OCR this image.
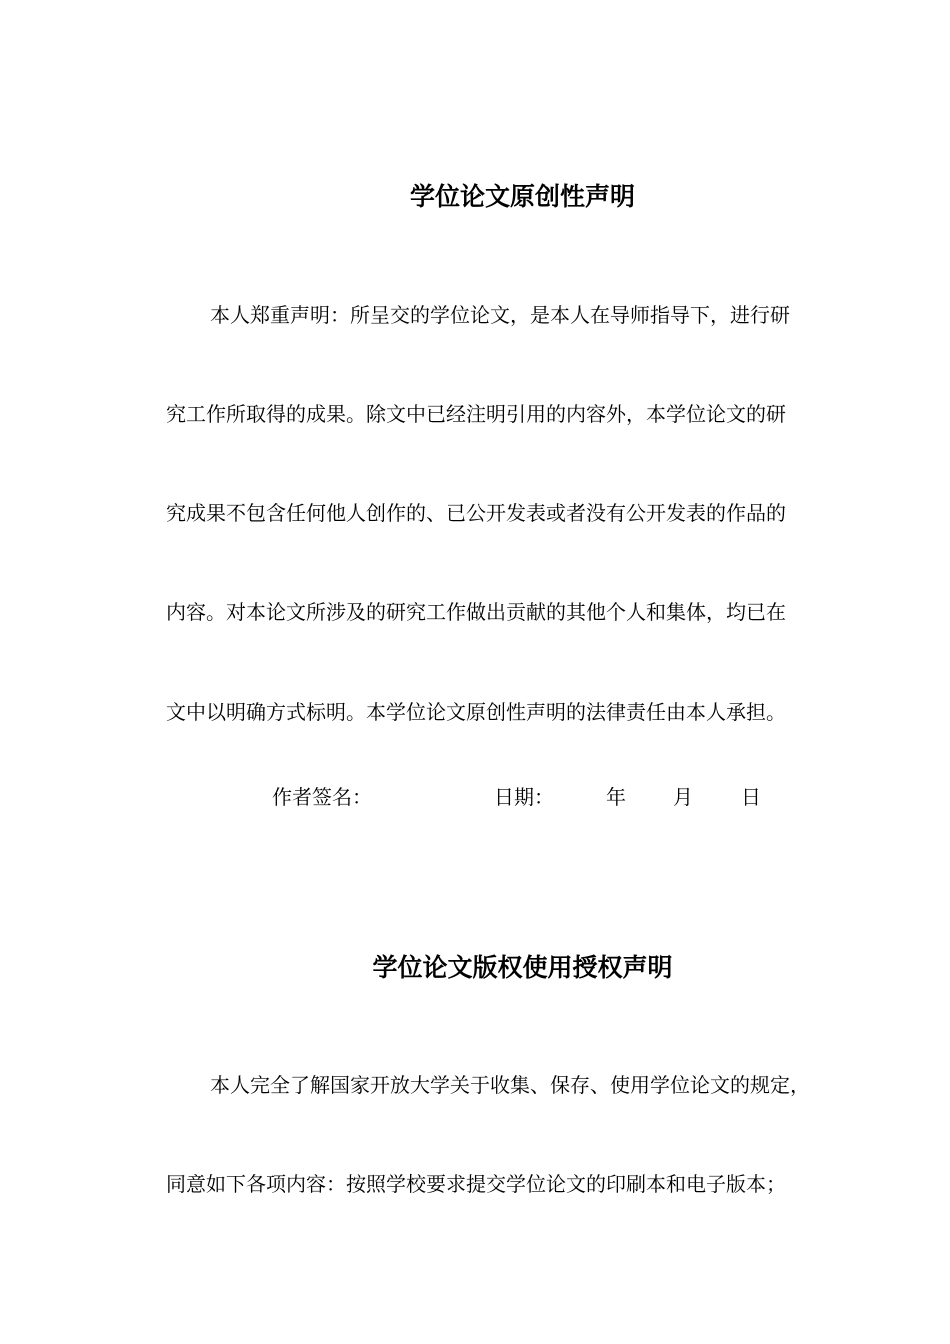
学位论文原创性声明
本人郑重声明：所呈交的学位论文，是本人在导师指导下，进行研
究工作所取得的成果。除文中已经注明引用的内容外，本学位论文的研
究成果不包含任何他人创作的、已公开发表或者没有公开发表的作品的
内容。对本论文所涉及的研究工作做出贡献的其他个人和集体，均已在
文中以明确方式标明。本学位论文原创性声明的法律责任由本人承担。
作者签名：	日期：	年 月 日
学位论文版权使用授权声明
本人完全了解国家开放大学关于收集、保存、使用学位论文的规定，
同意如下各项内容：按照学校要求提交学位论文的印刷本和电子版本；
